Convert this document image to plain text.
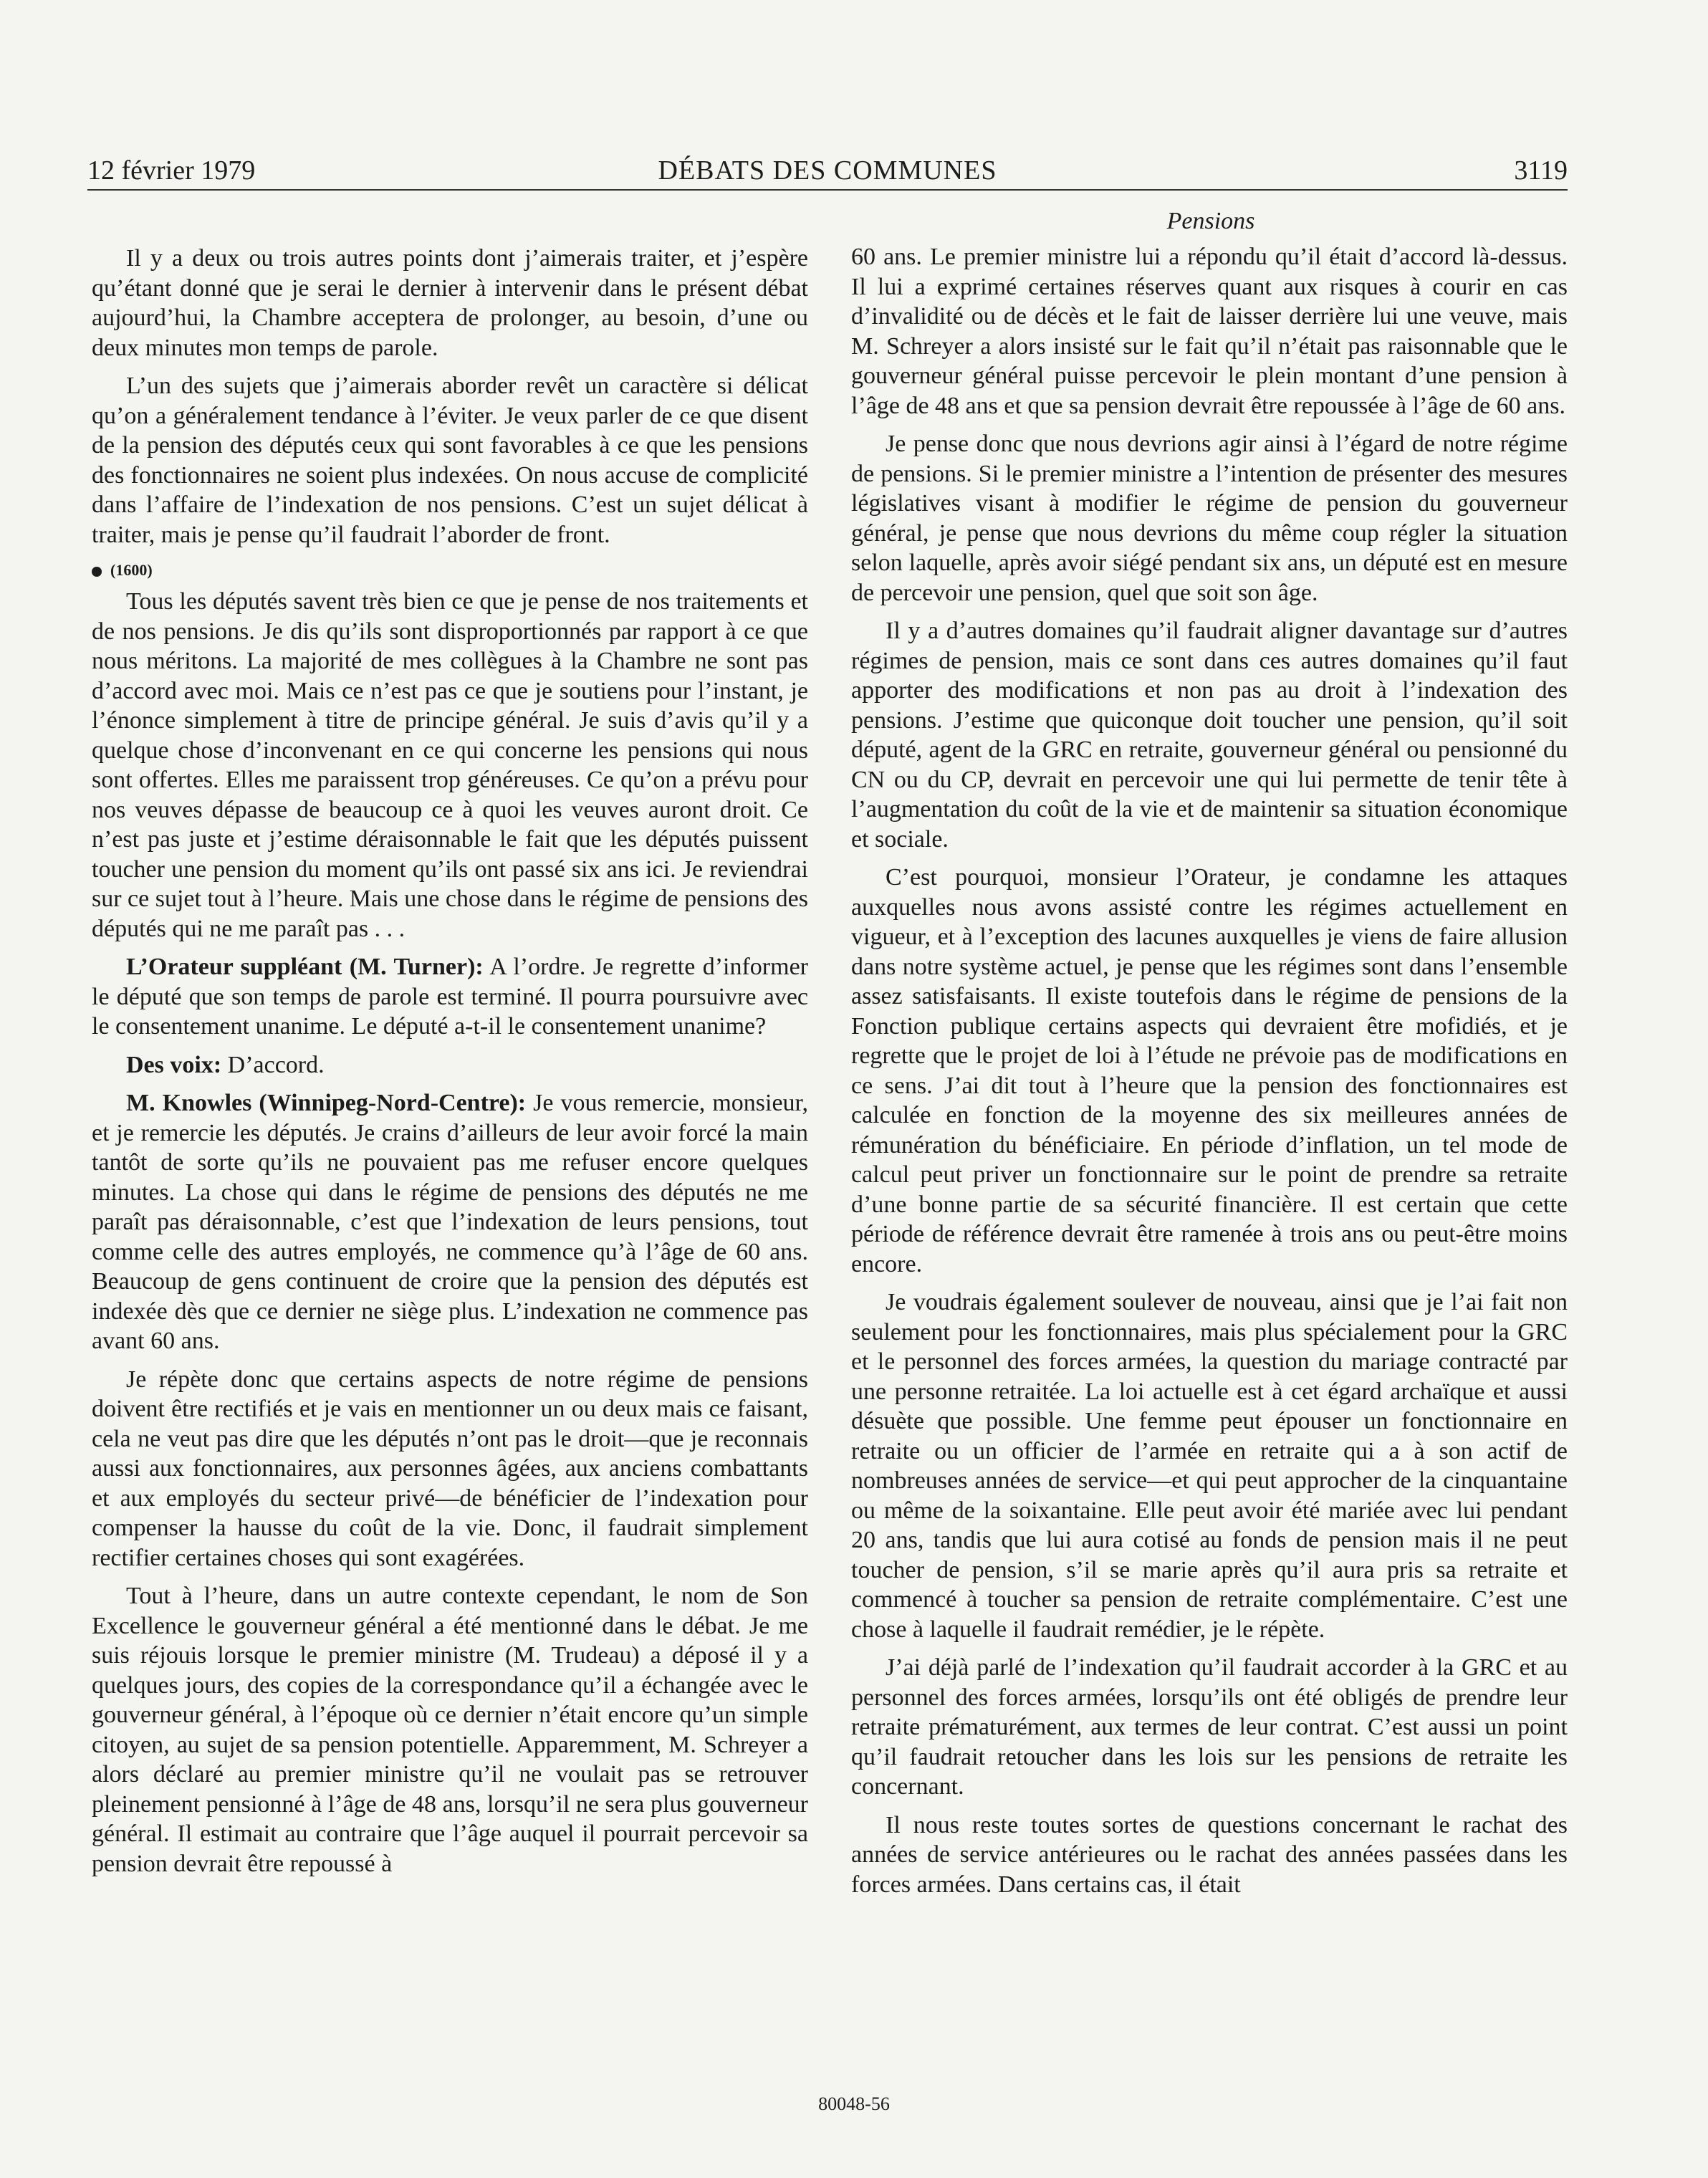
12 février 1979	DÉBATS DES COMMUNES	3119
Pensions

Il y a deux ou trois autres points dont j’aimerais traiter, et j’espère qu’étant donné que je serai le dernier à intervenir dans le présent débat aujourd’hui, la Chambre acceptera de prolonger, au besoin, d’une ou deux minutes mon temps de parole.

L’un des sujets que j’aimerais aborder revêt un caractère si délicat qu’on a généralement tendance à l’éviter. Je veux parler de ce que disent de la pension des députés ceux qui sont favorables à ce que les pensions des fonctionnaires ne soient plus indexées. On nous accuse de complicité dans l’affaire de l’indexation de nos pensions. C’est un sujet délicat à traiter, mais je pense qu’il faudrait l’aborder de front.

(1600)

Tous les députés savent très bien ce que je pense de nos traitements et de nos pensions. Je dis qu’ils sont disproportionnés par rapport à ce que nous méritons. La majorité de mes collègues à la Chambre ne sont pas d’accord avec moi. Mais ce n’est pas ce que je soutiens pour l’instant, je l’énonce simplement à titre de principe général. Je suis d’avis qu’il y a quelque chose d’inconvenant en ce qui concerne les pensions qui nous sont offertes. Elles me paraissent trop généreuses. Ce qu’on a prévu pour nos veuves dépasse de beaucoup ce à quoi les veuves auront droit. Ce n’est pas juste et j’estime déraisonnable le fait que les députés puissent toucher une pension du moment qu’ils ont passé six ans ici. Je reviendrai sur ce sujet tout à l’heure. Mais une chose dans le régime de pensions des députés qui ne me paraît pas . . .

L’Orateur suppléant (M. Turner): A l’ordre. Je regrette d’informer le député que son temps de parole est terminé. Il pourra poursuivre avec le consentement unanime. Le député a-t-il le consentement unanime?

Des voix: D’accord.

M. Knowles (Winnipeg-Nord-Centre): Je vous remercie, monsieur, et je remercie les députés. Je crains d’ailleurs de leur avoir forcé la main tantôt de sorte qu’ils ne pouvaient pas me refuser encore quelques minutes. La chose qui dans le régime de pensions des députés ne me paraît pas déraisonnable, c’est que l’indexation de leurs pensions, tout comme celle des autres employés, ne commence qu’à l’âge de 60 ans. Beaucoup de gens continuent de croire que la pension des députés est indexée dès que ce dernier ne siège plus. L’indexation ne commence pas avant 60 ans.

Je répète donc que certains aspects de notre régime de pensions doivent être rectifiés et je vais en mentionner un ou deux mais ce faisant, cela ne veut pas dire que les députés n’ont pas le droit—que je reconnais aussi aux fonctionnaires, aux personnes âgées, aux anciens combattants et aux employés du secteur privé—de bénéficier de l’indexation pour compenser la hausse du coût de la vie. Donc, il faudrait simplement rectifier certaines choses qui sont exagérées.

Tout à l’heure, dans un autre contexte cependant, le nom de Son Excellence le gouverneur général a été mentionné dans le débat. Je me suis réjouis lorsque le premier ministre (M. Trudeau) a déposé il y a quelques jours, des copies de la correspondance qu’il a échangée avec le gouverneur général, à l’époque où ce dernier n’était encore qu’un simple citoyen, au sujet de sa pension potentielle. Apparemment, M. Schreyer a alors déclaré au premier ministre qu’il ne voulait pas se retrouver pleinement pensionné à l’âge de 48 ans, lorsqu’il ne sera plus gouverneur général. Il estimait au contraire que l’âge auquel il pourrait percevoir sa pension devrait être repoussé à

60 ans. Le premier ministre lui a répondu qu’il était d’accord là-dessus. Il lui a exprimé certaines réserves quant aux risques à courir en cas d’invalidité ou de décès et le fait de laisser derrière lui une veuve, mais M. Schreyer a alors insisté sur le fait qu’il n’était pas raisonnable que le gouverneur général puisse percevoir le plein montant d’une pension à l’âge de 48 ans et que sa pension devrait être repoussée à l’âge de 60 ans.

Je pense donc que nous devrions agir ainsi à l’égard de notre régime de pensions. Si le premier ministre a l’intention de présenter des mesures législatives visant à modifier le régime de pension du gouverneur général, je pense que nous devrions du même coup régler la situation selon laquelle, après avoir siégé pendant six ans, un député est en mesure de percevoir une pension, quel que soit son âge.

Il y a d’autres domaines qu’il faudrait aligner davantage sur d’autres régimes de pension, mais ce sont dans ces autres domaines qu’il faut apporter des modifications et non pas au droit à l’indexation des pensions. J’estime que quiconque doit toucher une pension, qu’il soit député, agent de la GRC en retraite, gouverneur général ou pensionné du CN ou du CP, devrait en percevoir une qui lui permette de tenir tête à l’augmentation du coût de la vie et de maintenir sa situation économique et sociale.

C’est pourquoi, monsieur l’Orateur, je condamne les attaques auxquelles nous avons assisté contre les régimes actuellement en vigueur, et à l’exception des lacunes auxquelles je viens de faire allusion dans notre système actuel, je pense que les régimes sont dans l’ensemble assez satisfaisants. Il existe toutefois dans le régime de pensions de la Fonction publique certains aspects qui devraient être mofidiés, et je regrette que le projet de loi à l’étude ne prévoie pas de modifications en ce sens. J’ai dit tout à l’heure que la pension des fonctionnaires est calculée en fonction de la moyenne des six meilleures années de rémunération du bénéficiaire. En période d’inflation, un tel mode de calcul peut priver un fonctionnaire sur le point de prendre sa retraite d’une bonne partie de sa sécurité financière. Il est certain que cette période de référence devrait être ramenée à trois ans ou peut-être moins encore.

Je voudrais également soulever de nouveau, ainsi que je l’ai fait non seulement pour les fonctionnaires, mais plus spécialement pour la GRC et le personnel des forces armées, la question du mariage contracté par une personne retraitée. La loi actuelle est à cet égard archaïque et aussi désuète que possible. Une femme peut épouser un fonctionnaire en retraite ou un officier de l’armée en retraite qui a à son actif de nombreuses années de service—et qui peut approcher de la cinquantaine ou même de la soixantaine. Elle peut avoir été mariée avec lui pendant 20 ans, tandis que lui aura cotisé au fonds de pension mais il ne peut toucher de pension, s’il se marie après qu’il aura pris sa retraite et commencé à toucher sa pension de retraite complémentaire. C’est une chose à laquelle il faudrait remédier, je le répète.

J’ai déjà parlé de l’indexation qu’il faudrait accorder à la GRC et au personnel des forces armées, lorsqu’ils ont été obligés de prendre leur retraite prématurément, aux termes de leur contrat. C’est aussi un point qu’il faudrait retoucher dans les lois sur les pensions de retraite les concernant.

Il nous reste toutes sortes de questions concernant le rachat des années de service antérieures ou le rachat des années passées dans les forces armées. Dans certains cas, il était

80048-56
